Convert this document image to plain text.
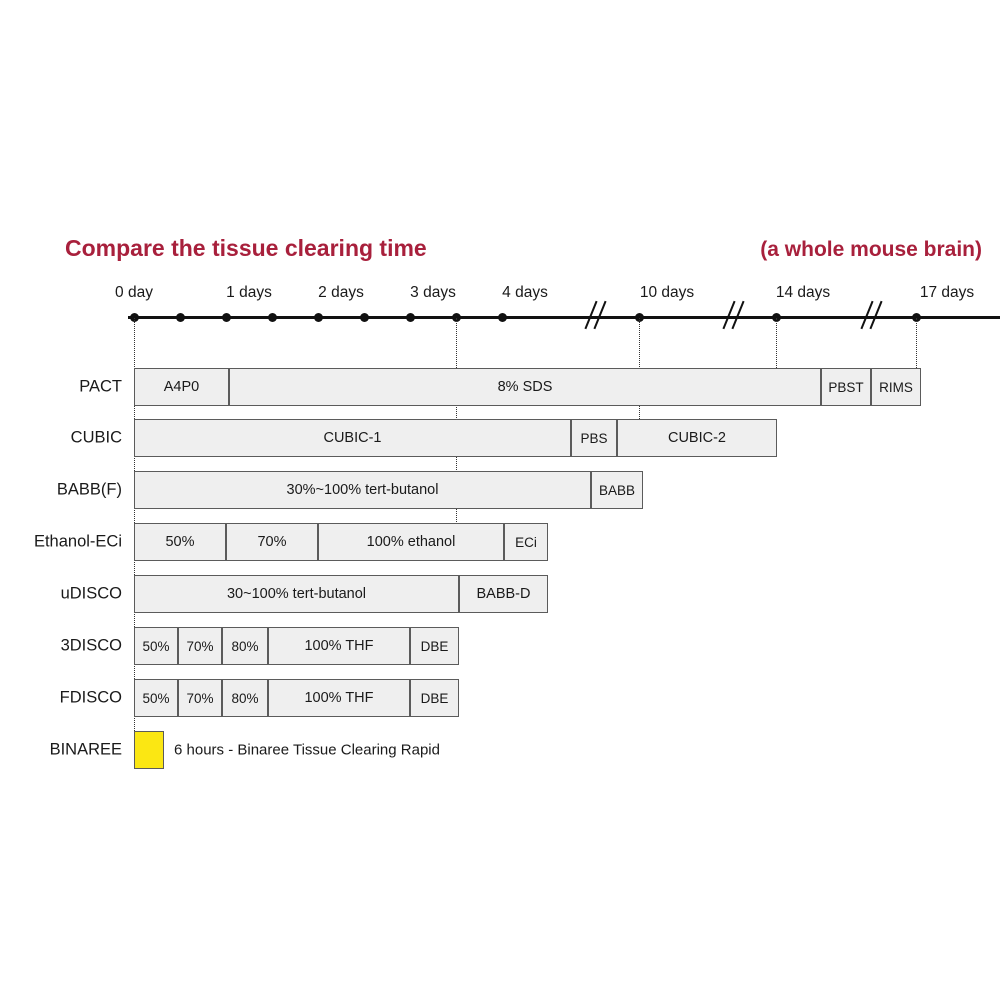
Compare the tissue clearing time	(a whole mouse brain)
0 day	1 days	2 days	3 days	4 days	10 days	14 days	17 days
PACT	A4P0	8% SDS	PBST	RIMS
CUBIC	CUBIC-1	PBS	CUBIC-2
BABB(F)	30%~100% tert-butanol	BABB
Ethanol-ECi	50%	70%	100% ethanol	ECi
uDISCO	30~100% tert-butanol	BABB-D
3DISCO	50%	70%	80%	100% THF	DBE
FDISCO	50%	70%	80%	100% THF	DBE
BINAREE	6 hours - Binaree Tissue Clearing Rapid
